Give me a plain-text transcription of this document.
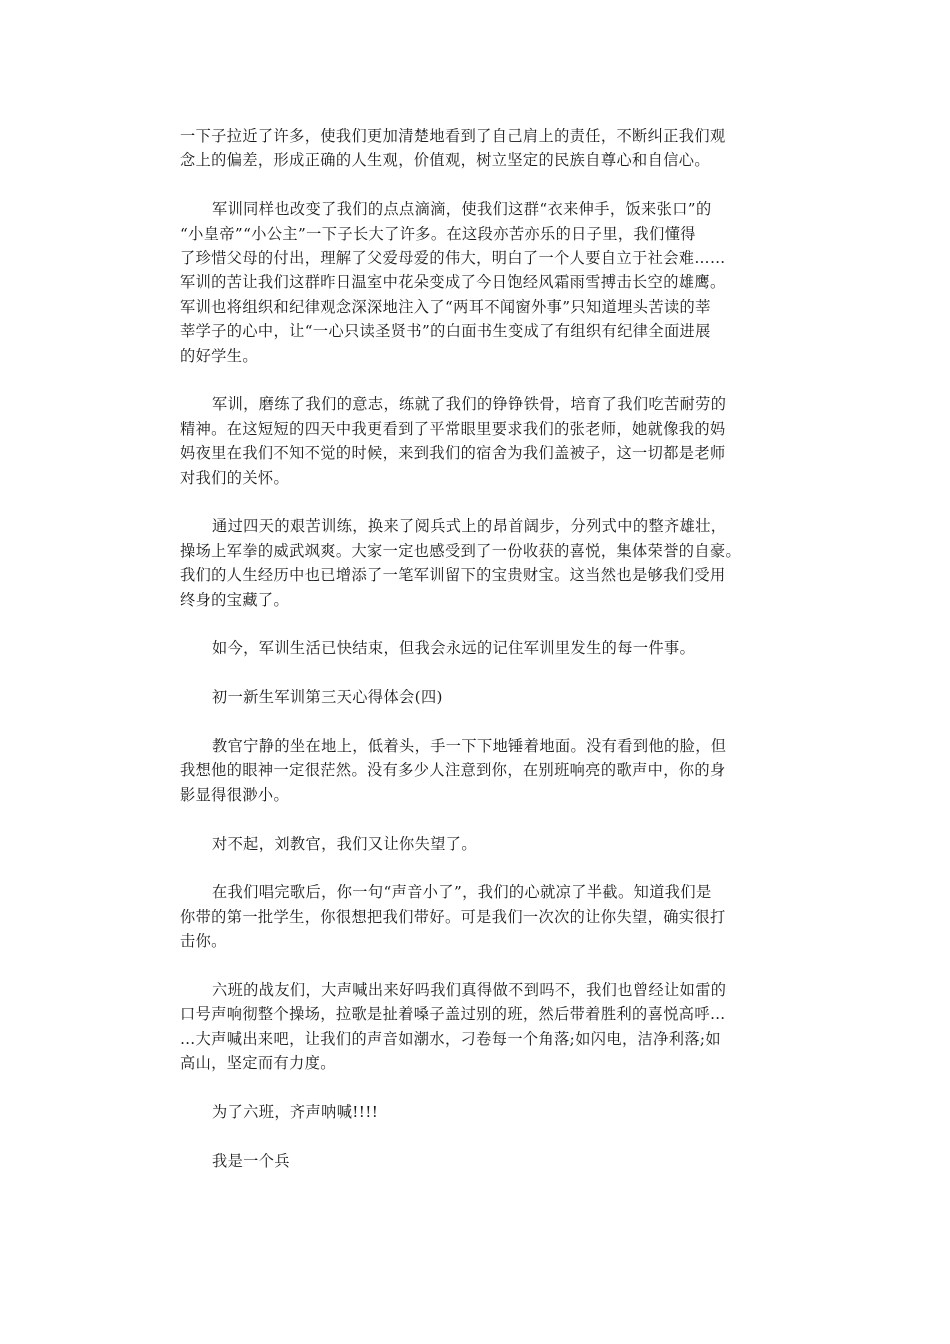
一下子拉近了许多，使我们更加清楚地看到了自己肩上的责任，不断纠正我们观
念上的偏差，形成正确的人生观，价值观，树立坚定的民族自尊心和自信心。

军训同样也改变了我们的点点滴滴，使我们这群“衣来伸手，饭来张口”的
“小皇帝”“小公主”一下子长大了许多。在这段亦苦亦乐的日子里，我们懂得
了珍惜父母的付出，理解了父爱母爱的伟大，明白了一个人要自立于社会难……
军训的苦让我们这群昨日温室中花朵变成了今日饱经风霜雨雪搏击长空的雄鹰。
军训也将组织和纪律观念深深地注入了“两耳不闻窗外事”只知道埋头苦读的莘
莘学子的心中，让“一心只读圣贤书”的白面书生变成了有组织有纪律全面进展
的好学生。

军训，磨练了我们的意志，练就了我们的铮铮铁骨，培育了我们吃苦耐劳的
精神。在这短短的四天中我更看到了平常眼里要求我们的张老师，她就像我的妈
妈夜里在我们不知不觉的时候，来到我们的宿舍为我们盖被子，这一切都是老师
对我们的关怀。

通过四天的艰苦训练，换来了阅兵式上的昂首阔步，分列式中的整齐雄壮，
操场上军拳的威武飒爽。大家一定也感受到了一份收获的喜悦，集体荣誉的自豪。
我们的人生经历中也已增添了一笔军训留下的宝贵财宝。这当然也是够我们受用
终身的宝藏了。

如今，军训生活已快结束，但我会永远的记住军训里发生的每一件事。

初一新生军训第三天心得体会(四)

教官宁静的坐在地上，低着头，手一下下地锤着地面。没有看到他的脸，但
我想他的眼神一定很茫然。没有多少人注意到你，在别班响亮的歌声中，你的身
影显得很渺小。

对不起，刘教官，我们又让你失望了。

在我们唱完歌后，你一句“声音小了”，我们的心就凉了半截。知道我们是
你带的第一批学生，你很想把我们带好。可是我们一次次的让你失望，确实很打
击你。

六班的战友们，大声喊出来好吗我们真得做不到吗不，我们也曾经让如雷的
口号声响彻整个操场，拉歌是扯着嗓子盖过别的班，然后带着胜利的喜悦高呼…
…大声喊出来吧，让我们的声音如潮水，刁卷每一个角落;如闪电，洁净利落;如
高山，坚定而有力度。

为了六班，齐声呐喊!!!!

我是一个兵
